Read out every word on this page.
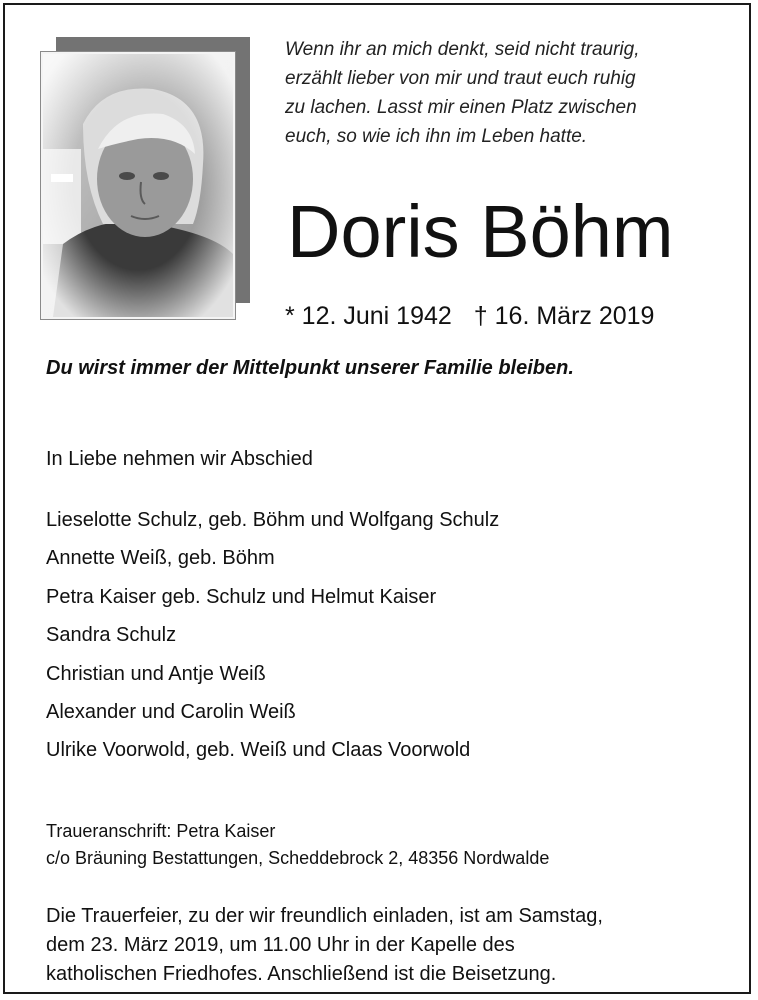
Wenn ihr an mich denkt, seid nicht traurig,
erzählt lieber von mir und traut euch ruhig
zu lachen. Lasst mir einen Platz zwischen
euch, so wie ich ihn im Leben hatte.
Doris Böhm
* 12. Juni 1942 † 16. März 2019
Du wirst immer der Mittelpunkt unserer Familie bleiben.
In Liebe nehmen wir Abschied
Lieselotte Schulz, geb. Böhm und Wolfgang Schulz
Annette Weiß, geb. Böhm
Petra Kaiser geb. Schulz und Helmut Kaiser
Sandra Schulz
Christian und Antje Weiß
Alexander und Carolin Weiß
Ulrike Voorwold, geb. Weiß und Claas Voorwold
Traueranschrift: Petra Kaiser
c/o Bräuning Bestattungen, Scheddebrock 2, 48356 Nordwalde
Die Trauerfeier, zu der wir freundlich einladen, ist am Samstag,
dem 23. März 2019, um 11.00 Uhr in der Kapelle des
katholischen Friedhofes. Anschließend ist die Beisetzung.
